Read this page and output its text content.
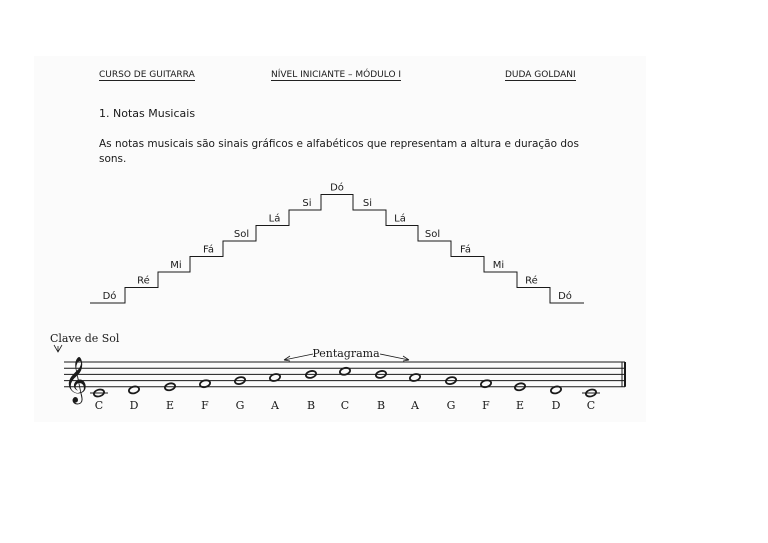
CURSO DE GUITARRA	NÍVEL INICIANTE – MÓDULO I	DUDA GOLDANI
1. Notas Musicais
As notas musicais são sinais gráficos e alfabéticos que representam a altura e duração dos sons.
Dó
Ré
Mi
Fá
Sol
Lá
Si
Dó
Si
Lá
Sol
Fá
Mi
Ré
Dó
𝄞
Clave de Sol
Pentagrama
C D	E F G A	B C	B A	G F E	D C
